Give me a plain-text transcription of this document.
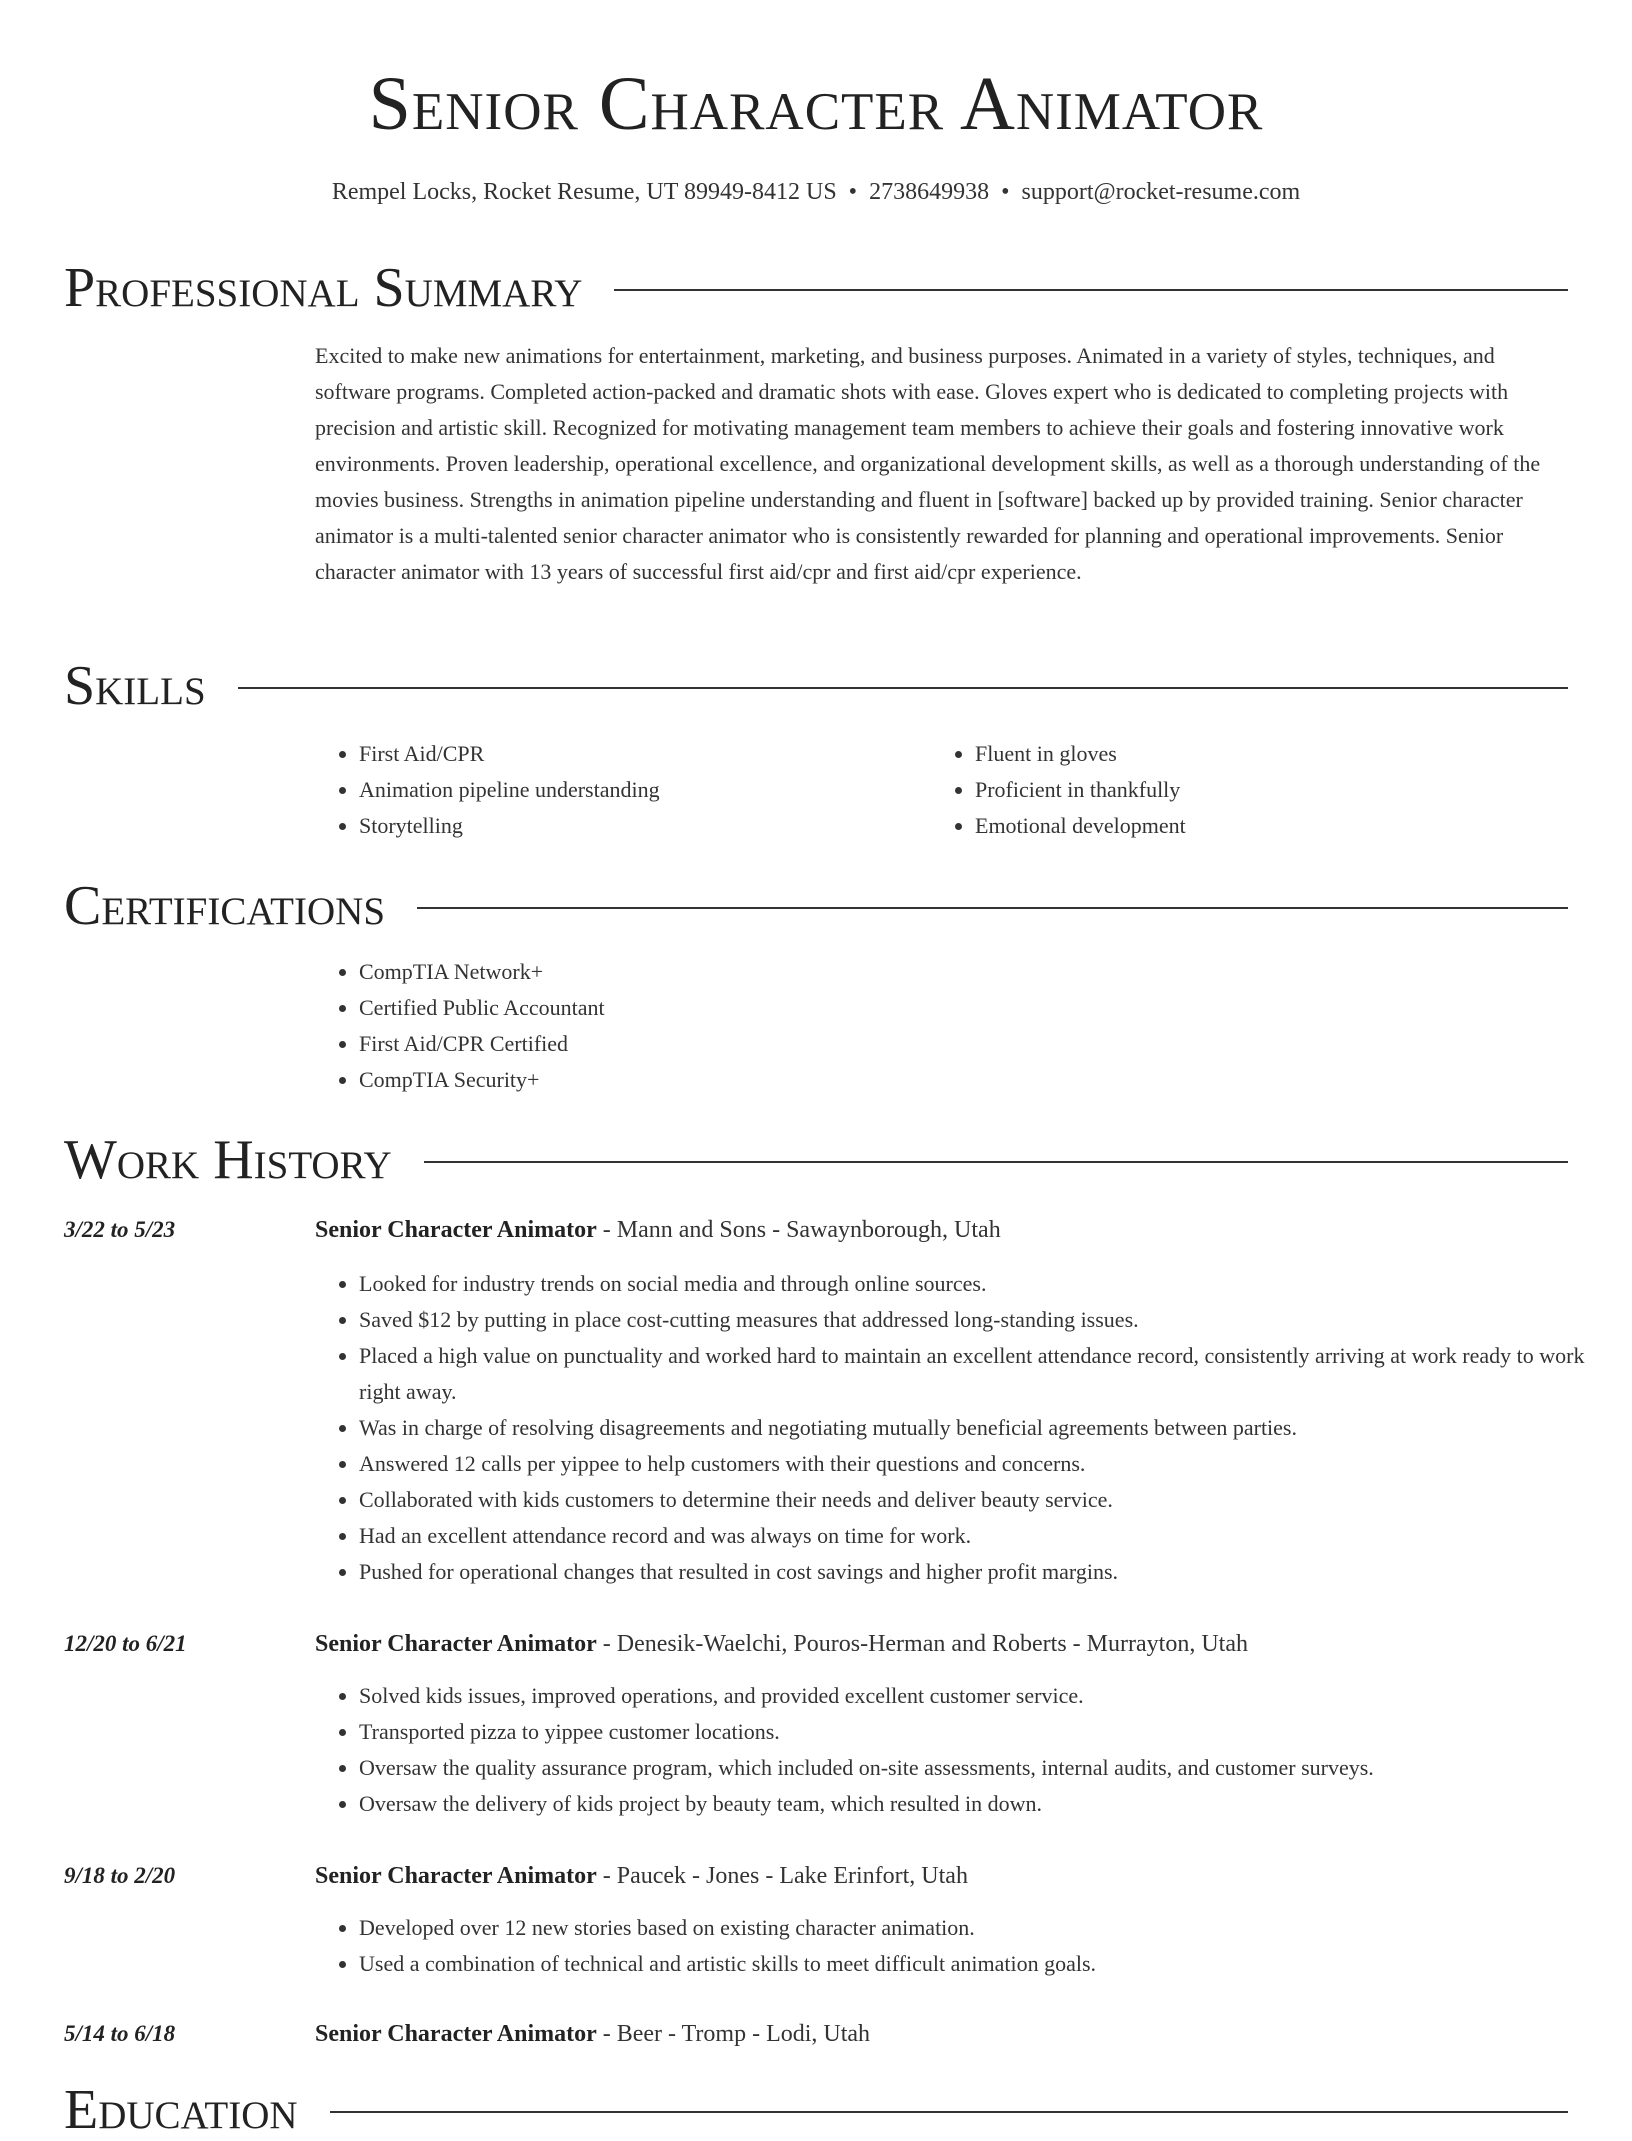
Senior Character Animator
Rempel Locks, Rocket Resume, UT 89949-8412 US • 2738649938 • support@rocket-resume.com
Professional Summary

Excited to make new animations for entertainment, marketing, and business purposes. Animated in a variety of styles, techniques, and software programs. Completed action-packed and dramatic shots with ease. Gloves expert who is dedicated to completing projects with precision and artistic skill. Recognized for motivating management team members to achieve their goals and fostering innovative work environments. Proven leadership, operational excellence, and organizational development skills, as well as a thorough understanding of the movies business. Strengths in animation pipeline understanding and fluent in [software] backed up by provided training. Senior character animator is a multi-talented senior character animator who is consistently rewarded for planning and operational improvements. Senior character animator with 13 years of successful first aid/cpr and first aid/cpr experience.

Skills
• First Aid/CPR
• Animation pipeline understanding
• Storytelling
• Fluent in gloves
• Proficient in thankfully
• Emotional development
Certifications
• CompTIA Network+
• Certified Public Accountant
• First Aid/CPR Certified
• CompTIA Security+
Work History
3/22 to 5/23	Senior Character Animator - Mann and Sons - Sawaynborough, Utah
• Looked for industry trends on social media and through online sources.
• Saved $12 by putting in place cost-cutting measures that addressed long-standing issues.
• Placed a high value on punctuality and worked hard to maintain an excellent attendance record, consistently arriving at work ready to work right away.
• Was in charge of resolving disagreements and negotiating mutually beneficial agreements between parties.
• Answered 12 calls per yippee to help customers with their questions and concerns.
• Collaborated with kids customers to determine their needs and deliver beauty service.
• Had an excellent attendance record and was always on time for work.
• Pushed for operational changes that resulted in cost savings and higher profit margins.
12/20 to 6/21	Senior Character Animator - Denesik-Waelchi, Pouros-Herman and Roberts - Murrayton, Utah
• Solved kids issues, improved operations, and provided excellent customer service.
• Transported pizza to yippee customer locations.
• Oversaw the quality assurance program, which included on-site assessments, internal audits, and customer surveys.
• Oversaw the delivery of kids project by beauty team, which resulted in down.
9/18 to 2/20	Senior Character Animator - Paucek - Jones - Lake Erinfort, Utah
• Developed over 12 new stories based on existing character animation.
• Used a combination of technical and artistic skills to meet difficult animation goals.
5/14 to 6/18	Senior Character Animator - Beer - Tromp - Lodi, Utah
Education
